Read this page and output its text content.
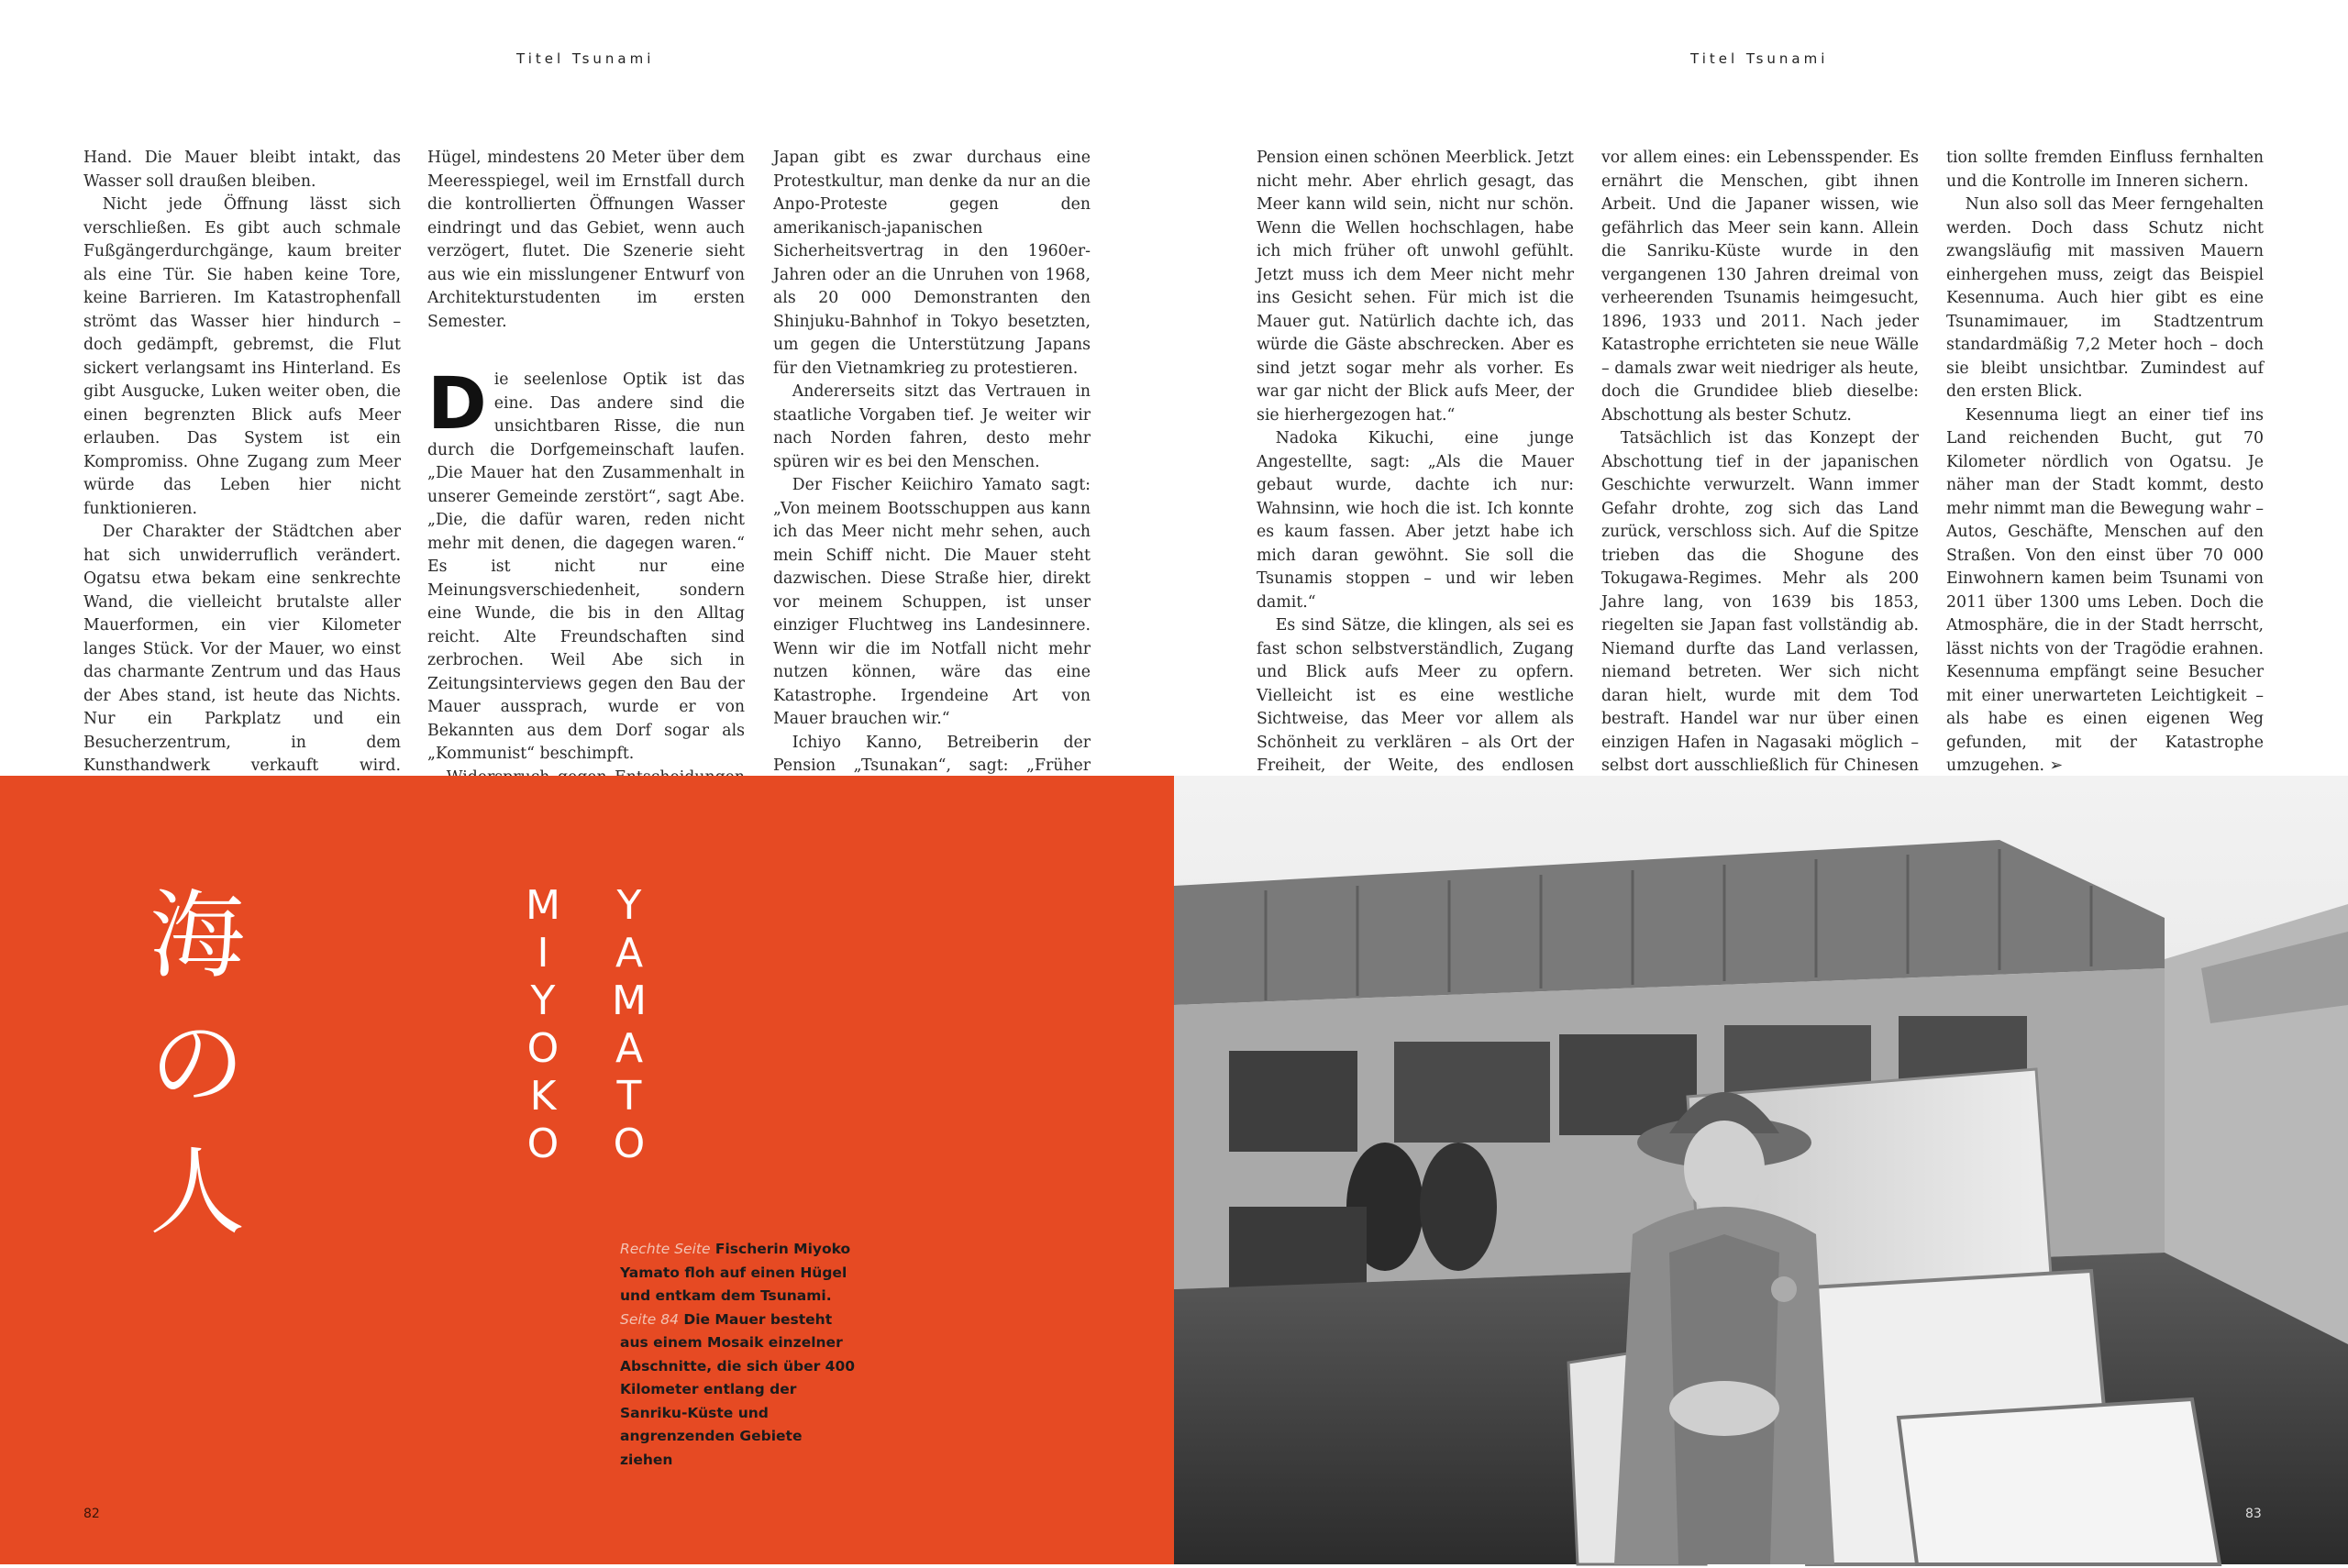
Titel Tsunami	Titel Tsunami

Hand. Die Mauer bleibt intakt, das Wasser soll draußen bleiben.

Nicht jede Öffnung lässt sich verschließen. Es gibt auch schmale Fußgängerdurchgänge, kaum breiter als eine Tür. Sie haben keine Tore, keine Barrieren. Im Katastrophenfall strömt das Wasser hier hindurch – doch gedämpft, gebremst, die Flut sickert verlangsamt ins Hinterland. Es gibt Ausgucke, Luken weiter oben, die einen begrenzten Blick aufs Meer erlauben. Das System ist ein Kompromiss. Ohne Zugang zum Meer würde das Leben hier nicht funktionieren.

Der Charakter der Städtchen aber hat sich unwiderruflich verändert. Ogatsu etwa bekam eine senkrechte Wand, die vielleicht brutalste aller Mauerformen, ein vier Kilometer langes Stück. Vor der Mauer, wo einst das charmante Zentrum und das Haus der Abes stand, ist heute das Nichts. Nur ein Parkplatz und ein Besucherzentrum, in dem Kunsthandwerk verkauft wird.

Hügel, mindestens 20 Meter über dem Meeresspiegel, weil im Ernstfall durch die kontrollierten Öffnungen Wasser eindringt und das Gebiet, wenn auch verzögert, flutet. Die Szenerie sieht aus wie ein misslungener Entwurf von Architekturstudenten im ersten Semester.

Die seelenlose Optik ist das eine. Das andere sind die unsichtbaren Risse, die nun durch die Dorfgemeinschaft laufen. „Die Mauer hat den Zusammenhalt in unserer Gemeinde zerstört“, sagt Abe. „Die, die dafür waren, reden nicht mehr mit denen, die dagegen waren.“ Es ist nicht nur eine Meinungsverschiedenheit, sondern eine Wunde, die bis in den Alltag reicht. Alte Freundschaften sind zerbrochen. Weil Abe sich in Zeitungsinterviews gegen den Bau der Mauer aussprach, wurde er von Bekannten aus dem Dorf sogar als „Kommunist“ beschimpft.

Japan gibt es zwar durchaus eine Protestkultur, man denke da nur an die Anpo-Proteste gegen den amerikanisch-japanischen Sicherheitsvertrag in den 1960er-Jahren oder an die Unruhen von 1968, als 20 000 Demonstranten den Shinjuku-Bahnhof in Tokyo besetzten, um gegen die Unterstützung Japans für den Vietnamkrieg zu protestieren.

Andererseits sitzt das Vertrauen in staatliche Vorgaben tief. Je weiter wir nach Norden fahren, desto mehr spüren wir es bei den Menschen.

Der Fischer Keiichiro Yamato sagt: „Von meinem Bootsschuppen aus kann ich das Meer nicht mehr sehen, auch mein Schiff nicht. Die Mauer steht dazwischen. Diese Straße hier, direkt vor meinem Schuppen, ist unser einziger Fluchtweg ins Landesinnere. Wenn wir die im Notfall nicht mehr nutzen können, wäre das eine Katastrophe. Irgendeine Art von Mauer brauchen wir.“

Ichiyo Kanno, Betreiberin der Pension „Tsunakan“, sagt: „Früher

Pension einen schönen Meerblick. Jetzt nicht mehr. Aber ehrlich gesagt, das Meer kann wild sein, nicht nur schön. Wenn die Wellen hochschlagen, habe ich mich früher oft unwohl gefühlt. Jetzt muss ich dem Meer nicht mehr ins Gesicht sehen. Für mich ist die Mauer gut. Natürlich dachte ich, das würde die Gäste abschrecken. Aber es sind jetzt sogar mehr als vorher. Es war gar nicht der Blick aufs Meer, der sie hierhergezogen hat.“

Nadoka Kikuchi, eine junge Angestellte, sagt: „Als die Mauer gebaut wurde, dachte ich nur: Wahnsinn, wie hoch die ist. Ich konnte es kaum fassen. Aber jetzt habe ich mich daran gewöhnt. Sie soll die Tsunamis stoppen – und wir leben damit.“

Es sind Sätze, die klingen, als sei es fast schon selbstverständlich, Zugang und Blick aufs Meer zu opfern. Vielleicht ist es eine westliche Sichtweise, das Meer vor allem als Schönheit zu verklären – als Ort der Freiheit, der Weite, des endlosen

vor allem eines: ein Lebensspender. Es ernährt die Menschen, gibt ihnen Arbeit. Und die Japaner wissen, wie gefährlich das Meer sein kann. Allein die Sanriku-Küste wurde in den vergangenen 130 Jahren dreimal von verheerenden Tsunamis heimgesucht, 1896, 1933 und 2011. Nach jeder Katastrophe errichteten sie neue Wälle – damals zwar weit niedriger als heute, doch die Grundidee blieb dieselbe: Abschottung als bester Schutz.

Tatsächlich ist das Konzept der Abschottung tief in der japanischen Geschichte verwurzelt. Wann immer Gefahr drohte, zog sich das Land zurück, verschloss sich. Auf die Spitze trieben das die Shogune des Tokugawa-Regimes. Mehr als 200 Jahre lang, von 1639 bis 1853, riegelten sie Japan fast vollständig ab. Niemand durfte das Land verlassen, niemand betreten. Wer sich nicht daran hielt, wurde mit dem Tod bestraft. Handel war nur über einen einzigen Hafen in Nagasaki möglich – selbst dort ausschließlich für Chinesen

tion sollte fremden Einfluss fernhalten und die Kontrolle im Inneren sichern.

Nun also soll das Meer ferngehalten werden. Doch dass Schutz nicht zwangsläufig mit massiven Mauern einhergehen muss, zeigt das Beispiel Kesennuma. Auch hier gibt es eine Tsunamimauer, im Stadtzentrum standardmäßig 7,2 Meter hoch – doch sie bleibt unsichtbar. Zumindest auf den ersten Blick.

Kesennuma liegt an einer tief ins Land reichenden Bucht, gut 70 Kilometer nördlich von Ogatsu. Je näher man der Stadt kommt, desto mehr nimmt man die Bewegung wahr – Autos, Geschäfte, Menschen auf den Straßen. Von den einst über 70 000 Einwohnern kamen beim Tsunami von 2011 über 1300 ums Leben. Doch die Atmosphäre, die in der Stadt herrscht, lässt nichts von der Tragödie erahnen. Kesennuma empfängt seine Besucher mit einer unerwarteten Leichtigkeit – als habe es einen eigenen Weg gefunden, mit der Katastrophe umzugehen. ➢

海
の
人
M
I
Y
O
K
O
Y
A
M
A
T
O
Rechte Seite Fischerin Miyoko Yamato floh auf einen Hügel und entkam dem Tsunami. Seite 84 Die Mauer besteht aus einem Mosaik einzelner Abschnitte, die sich über 400 Kilometer entlang der Sanriku-Küste und angrenzenden Gebiete ziehen
82	83
